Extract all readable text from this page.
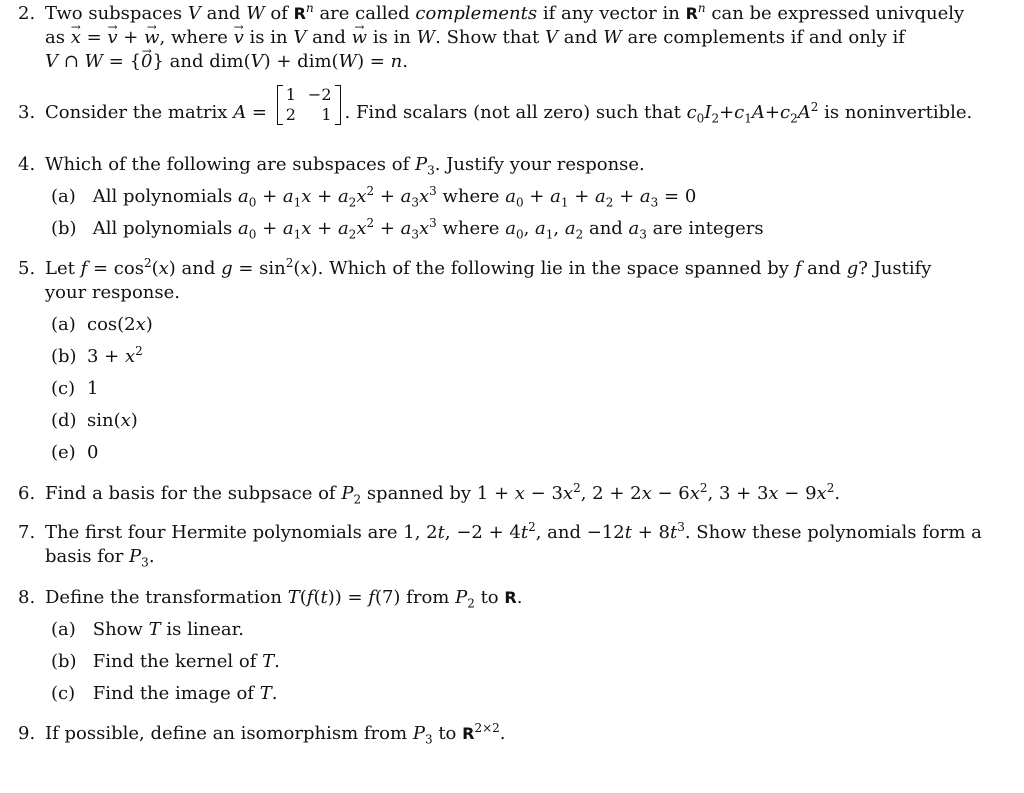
2. Two subspaces V and W of $R^n$ are called complements if any vector in $R^n$ can be expressed univquely
as → x = → v + → w, where → v is in V and → w is in W. Show that V and W are complements if and only if
V ∩ W = {→ 0} and dim(V) + dim(W) = n.
3. Consider the matrix A =
1 −2
2	1 . Find scalars (not all zero) such that $c_0I_2+c_1A+c_2A^2$ is noninvertible.
4. Which of the following are subspaces of $P_3$. Justify your response.
(a) All polynomials $a_0 + a_1x + a_2x^2 + a_3x^3$ where $a_0 + a_1 + a_2 + a_3 = 0$
(b) All polynomials $a_0 + a_1x + a_2x^2 + a_3x^3$ where $a_0$, $a_1$, $a_2$ and $a_3$ are integers
5. Let $f = \cos^2(x)$ and $g = \sin^2(x)$. Which of the following lie in the space spanned by f and g? Justify
your response.
(a) cos(2x)
(b) $3 + x^2$
(c) 1
(d) sin(x)
(e) 0
6. Find a basis for the subpsace of $P_2$ spanned by $1 + x - 3x^2$, $2 + 2x - 6x^2$, $3 + 3x - 9x^2$.
7. The first four Hermite polynomials are 1, 2t, $-2 + 4t^2$, and $-12t + 8t^3$. Show these polynomials form a
basis for $P_3$.
8. Define the transformation T(f(t)) = f(7) from $P_2$ to R.
(a) Show T is linear.
(b) Find the kernel of T.
(c) Find the image of T.
9. If possible, define an isomorphism from $P_3$ to $R^{2\times 2}$.
